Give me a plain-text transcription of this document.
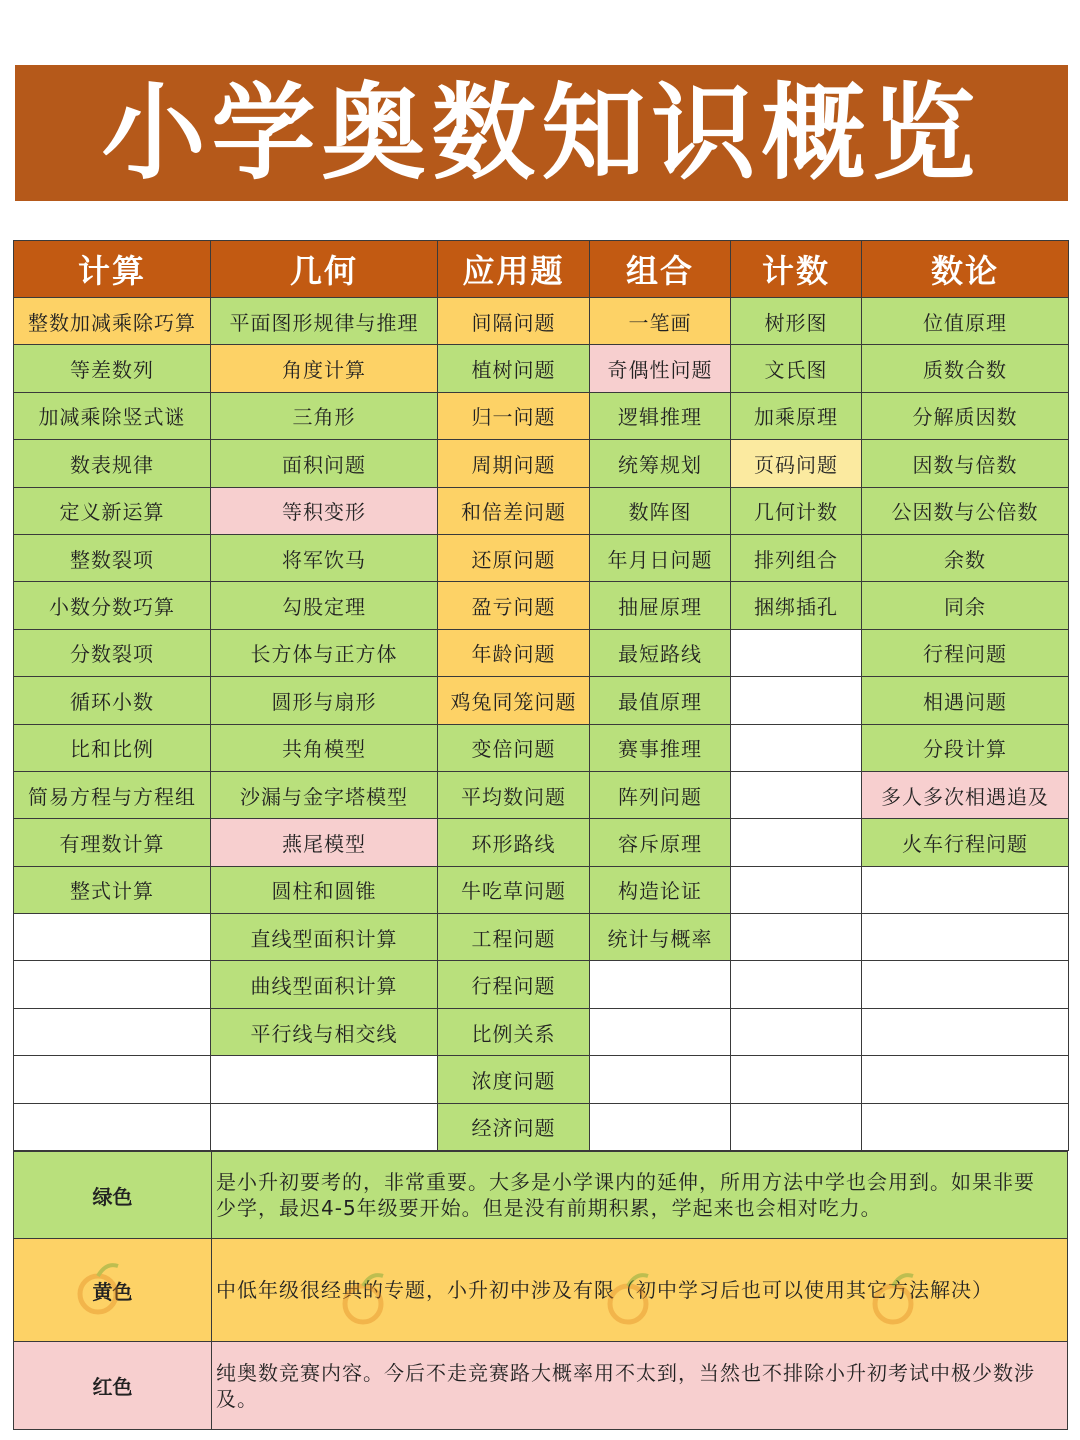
小学奥数知识概览
计算	几何	应用题	组合	计数	数论
整数加减乘除巧算	平面图形规律与推理	间隔问题	一笔画	树形图	位值原理
等差数列	角度计算	植树问题	奇偶性问题	文氏图	质数合数
加减乘除竖式谜	三角形	归一问题	逻辑推理	加乘原理	分解质因数
数表规律	面积问题	周期问题	统筹规划	页码问题	因数与倍数
定义新运算	等积变形	和倍差问题	数阵图	几何计数	公因数与公倍数
整数裂项	将军饮马	还原问题	年月日问题	排列组合	余数
小数分数巧算	勾股定理	盈亏问题	抽屉原理	捆绑插孔	同余
分数裂项	长方体与正方体	年龄问题	最短路线		行程问题
循环小数	圆形与扇形	鸡兔同笼问题	最值原理		相遇问题
比和比例	共角模型	变倍问题	赛事推理		分段计算
简易方程与方程组	沙漏与金字塔模型	平均数问题	阵列问题		多人多次相遇追及
有理数计算	燕尾模型	环形路线	容斥原理		火车行程问题
整式计算	圆柱和圆锥	牛吃草问题	构造论证		
	直线型面积计算	工程问题	统计与概率		
	曲线型面积计算	行程问题			
	平行线与相交线	比例关系			
		浓度问题			
		经济问题			
绿色	是小升初要考的，非常重要。大多是小学课内的延伸，所用方法中学也会用到。如果非要少学，最迟4-5年级要开始。但是没有前期积累，学起来也会相对吃力。
黄色	中低年级很经典的专题，小升初中涉及有限（初中学习后也可以使用其它方法解决）
红色	纯奥数竞赛内容。今后不走竞赛路大概率用不太到，当然也不排除小升初考试中极少数涉及。
